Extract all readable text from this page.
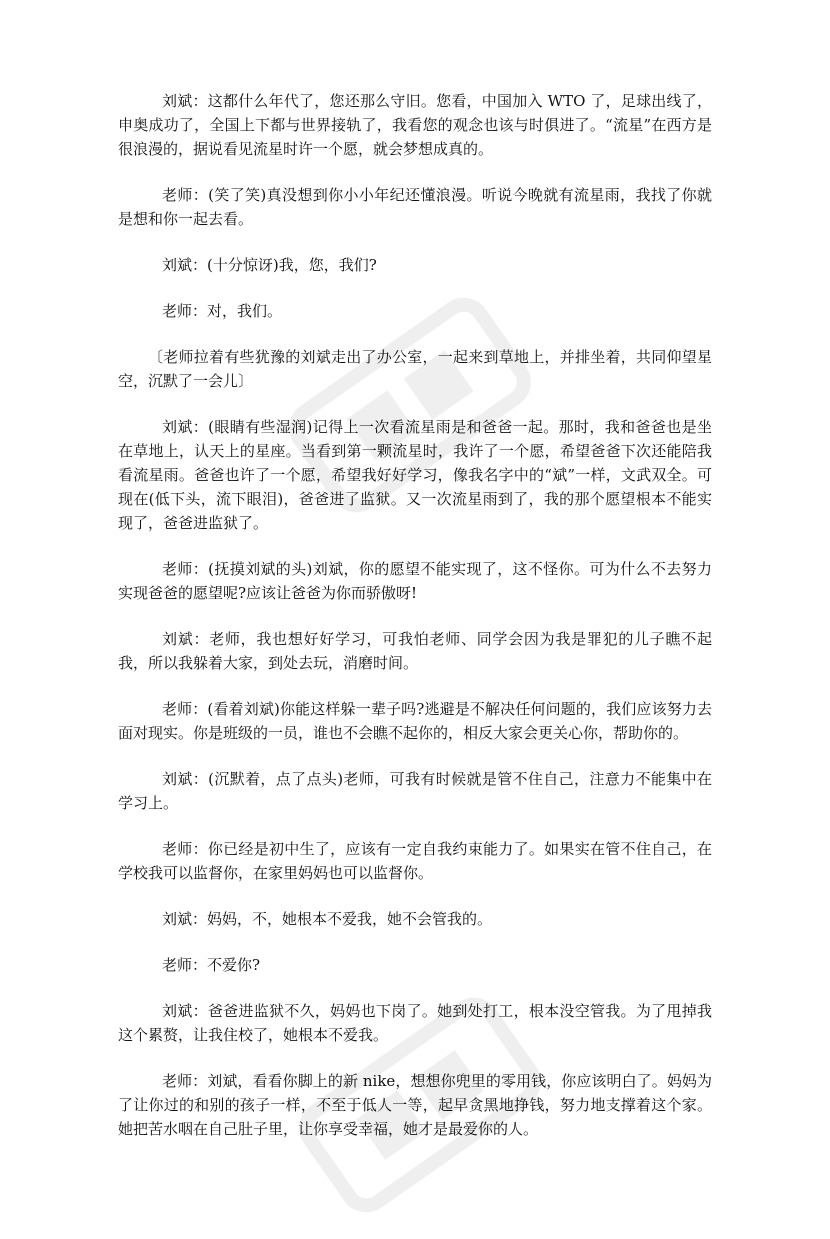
刘斌：这都什么年代了，您还那么守旧。您看，中国加入 WTO 了，足球出线了，申奥成功了，全国上下都与世界接轨了，我看您的观念也该与时俱进了。“流星”在西方是很浪漫的，据说看见流星时许一个愿，就会梦想成真的。

老师：(笑了笑)真没想到你小小年纪还懂浪漫。听说今晚就有流星雨，我找了你就是想和你一起去看。

刘斌：(十分惊讶)我，您，我们?

老师：对，我们。

〔老师拉着有些犹豫的刘斌走出了办公室，一起来到草地上，并排坐着，共同仰望星空，沉默了一会儿〕

刘斌：(眼睛有些湿润)记得上一次看流星雨是和爸爸一起。那时，我和爸爸也是坐在草地上，认天上的星座。当看到第一颗流星时，我许了一个愿，希望爸爸下次还能陪我看流星雨。爸爸也许了一个愿，希望我好好学习，像我名字中的“斌”一样，文武双全。可现在(低下头，流下眼泪)，爸爸进了监狱。又一次流星雨到了，我的那个愿望根本不能实现了，爸爸进监狱了。

老师：(抚摸刘斌的头)刘斌，你的愿望不能实现了，这不怪你。可为什么不去努力实现爸爸的愿望呢?应该让爸爸为你而骄傲呀!

刘斌：老师，我也想好好学习，可我怕老师、同学会因为我是罪犯的儿子瞧不起我，所以我躲着大家，到处去玩，消磨时间。

老师：(看着刘斌)你能这样躲一辈子吗?逃避是不解决任何问题的，我们应该努力去面对现实。你是班级的一员，谁也不会瞧不起你的，相反大家会更关心你，帮助你的。

刘斌：(沉默着，点了点头)老师，可我有时候就是管不住自己，注意力不能集中在学习上。

老师：你已经是初中生了，应该有一定自我约束能力了。如果实在管不住自己，在学校我可以监督你，在家里妈妈也可以监督你。

刘斌：妈妈，不，她根本不爱我，她不会管我的。

老师：不爱你?

刘斌：爸爸进监狱不久，妈妈也下岗了。她到处打工，根本没空管我。为了甩掉我这个累赘，让我住校了，她根本不爱我。

老师：刘斌，看看你脚上的新 nike，想想你兜里的零用钱，你应该明白了。妈妈为了让你过的和别的孩子一样，不至于低人一等，起早贪黑地挣钱，努力地支撑着这个家。她把苦水咽在自己肚子里，让你享受幸福，她才是最爱你的人。
